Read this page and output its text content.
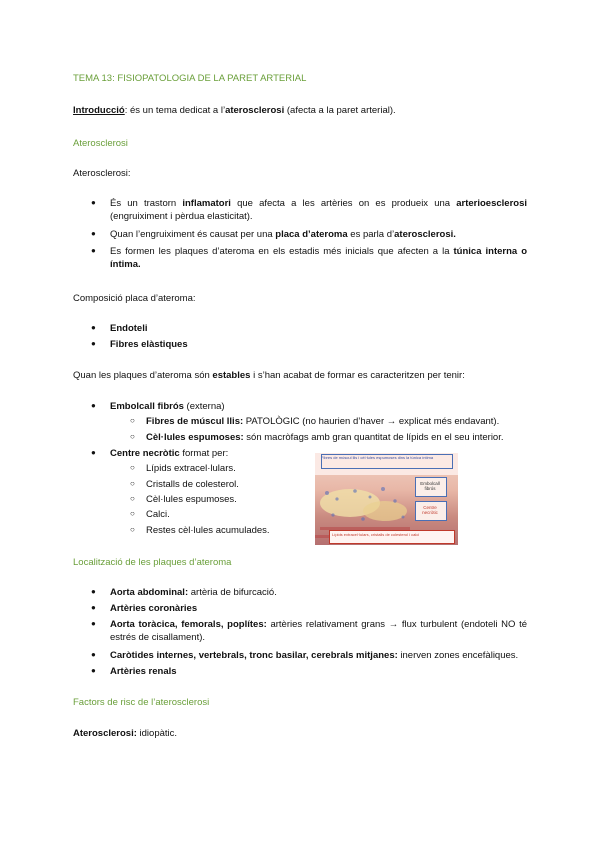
TEMA 13: FISIOPATOLOGIA DE LA PARET ARTERIAL
Introducció: és un tema dedicat a l’aterosclerosi (afecta a la paret arterial).
Aterosclerosi
Aterosclerosi:
● És un trastorn inflamatori que afecta a les artèries on es produeix una arterioesclerosi (engruiximent i pèrdua elasticitat).
● Quan l’engruiximent és causat per una placa d’ateroma es parla d’aterosclerosi.
● Es formen les plaques d’ateroma en els estadis més inicials que afecten a la túnica interna o íntima.
Composició placa d’ateroma:
● Endoteli
● Fibres elàstiques
Quan les plaques d’ateroma són estables i s’han acabat de formar es caracteritzen per tenir:
● Embolcall fibrós (externa)
○ Fibres de múscul llis: PATOLÒGIC (no haurien d’haver → explicat més endavant).
○ Cèl·lules espumoses: són macròfags amb gran quantitat de lípids en el seu interior.
● Centre necròtic format per:
○ Lípids extracel·lulars.
○ Cristalls de colesterol.
○ Cèl·lules espumoses.
○ Calci.
○ Restes cèl·lules acumulades.
Fibres de múscul llis i cèl·lules espumoses dins la túnica íntima
Embolcall fibrós
Centre necròtic
Lípids extracel·lulars, cristalls de colesterol i calci
Localització de les plaques d’ateroma
● Aorta abdominal: artèria de bifurcació.
● Artèries coronàries
● Aorta toràcica, femorals, poplítes: artèries relativament grans → flux turbulent (endoteli NO té estrés de cisallament).
● Caròtides internes, vertebrals, tronc basilar, cerebrals mitjanes: inerven zones encefàliques.
● Artèries renals
Factors de risc de l’aterosclerosi
Aterosclerosi: idiopàtic.
